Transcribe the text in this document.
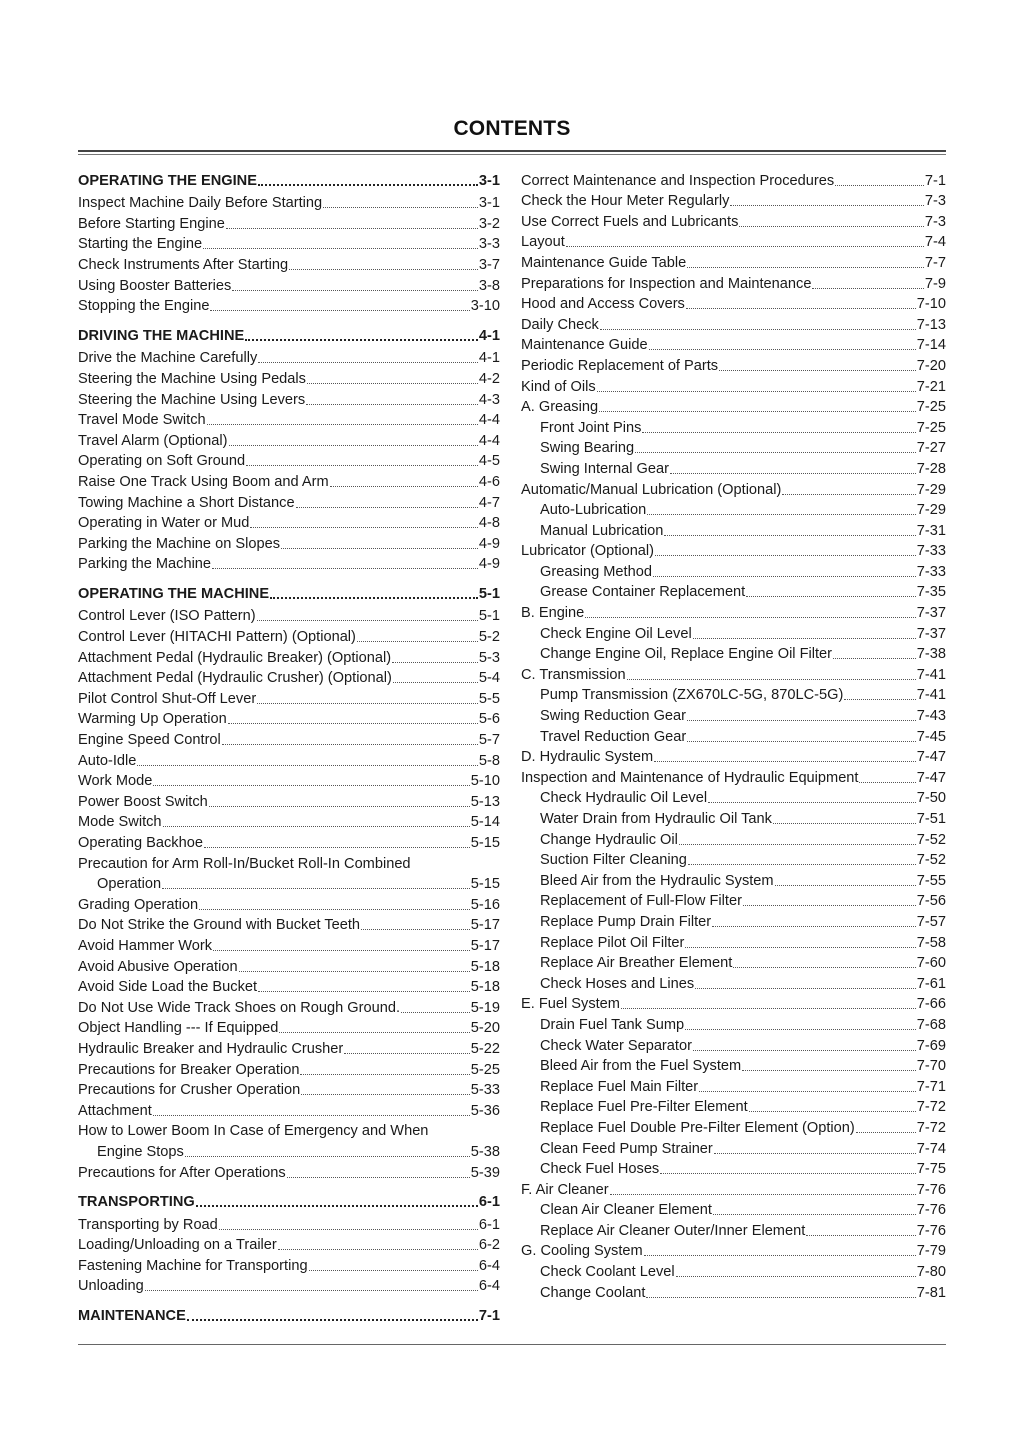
CONTENTS
OPERATING THE ENGINE	3-1
Inspect Machine Daily Before Starting	3-1
Before Starting Engine	3-2
Starting the Engine	3-3
Check Instruments After Starting	3-7
Using Booster Batteries	3-8
Stopping the Engine	3-10
DRIVING THE MACHINE	4-1
Drive the Machine Carefully	4-1
Steering the Machine Using Pedals	4-2
Steering the Machine Using Levers	4-3
Travel Mode Switch	4-4
Travel Alarm (Optional)	4-4
Operating on Soft Ground	4-5
Raise One Track Using Boom and Arm	4-6
Towing Machine a Short Distance	4-7
Operating in Water or Mud	4-8
Parking the Machine on Slopes	4-9
Parking the Machine	4-9
OPERATING THE MACHINE	5-1
Control Lever (ISO Pattern)	5-1
Control Lever (HITACHI Pattern) (Optional)	5-2
Attachment Pedal (Hydraulic Breaker) (Optional)	5-3
Attachment Pedal (Hydraulic Crusher) (Optional)	5-4
Pilot Control Shut-Off Lever	5-5
Warming Up Operation	5-6
Engine Speed Control	5-7
Auto-Idle	5-8
Work Mode	5-10
Power Boost Switch	5-13
Mode Switch	5-14
Operating Backhoe	5-15
Precaution for Arm Roll-In/Bucket Roll-In Combined
Operation	5-15
Grading Operation	5-16
Do Not Strike the Ground with Bucket Teeth	5-17
Avoid Hammer Work	5-17
Avoid Abusive Operation	5-18
Avoid Side Load the Bucket	5-18
Do Not Use Wide Track Shoes on Rough Ground.	5-19
Object Handling --- If Equipped	5-20
Hydraulic Breaker and Hydraulic Crusher	5-22
Precautions for Breaker Operation	5-25
Precautions for Crusher Operation	5-33
Attachment	5-36
How to Lower Boom In Case of Emergency and When
Engine Stops	5-38
Precautions for After Operations	5-39
TRANSPORTING	6-1
Transporting by Road	6-1
Loading/Unloading on a Trailer	6-2
Fastening Machine for Transporting	6-4
Unloading	6-4
MAINTENANCE	7-1
Correct Maintenance and Inspection Procedures	7-1
Check the Hour Meter Regularly	7-3
Use Correct Fuels and Lubricants	7-3
Layout	7-4
Maintenance Guide Table	7-7
Preparations for Inspection and Maintenance	7-9
Hood and Access Covers	7-10
Daily Check	7-13
Maintenance Guide	7-14
Periodic Replacement of Parts	7-20
Kind of Oils	7-21
A. Greasing	7-25
Front Joint Pins	7-25
Swing Bearing	7-27
Swing Internal Gear	7-28
Automatic/Manual Lubrication (Optional)	7-29
Auto-Lubrication	7-29
Manual Lubrication	7-31
Lubricator (Optional)	7-33
Greasing Method	7-33
Grease Container Replacement	7-35
B. Engine	7-37
Check Engine Oil Level	7-37
Change Engine Oil, Replace Engine Oil Filter	7-38
C. Transmission	7-41
Pump Transmission (ZX670LC-5G, 870LC-5G)	7-41
Swing Reduction Gear	7-43
Travel Reduction Gear	7-45
D. Hydraulic System	7-47
Inspection and Maintenance of Hydraulic Equipment	7-47
Check Hydraulic Oil Level	7-50
Water Drain from Hydraulic Oil Tank	7-51
Change Hydraulic Oil	7-52
Suction Filter Cleaning	7-52
Bleed Air from the Hydraulic System	7-55
Replacement of Full-Flow Filter	7-56
Replace Pump Drain Filter	7-57
Replace Pilot Oil Filter	7-58
Replace Air Breather Element	7-60
Check Hoses and Lines	7-61
E. Fuel System	7-66
Drain Fuel Tank Sump	7-68
Check Water Separator	7-69
Bleed Air from the Fuel System	7-70
Replace Fuel Main Filter	7-71
Replace Fuel Pre-Filter Element	7-72
Replace Fuel Double Pre-Filter Element (Option)	7-72
Clean Feed Pump Strainer	7-74
Check Fuel Hoses	7-75
F. Air Cleaner	7-76
Clean Air Cleaner Element	7-76
Replace Air Cleaner Outer/Inner Element	7-76
G. Cooling System	7-79
Check Coolant Level	7-80
Change Coolant	7-81
